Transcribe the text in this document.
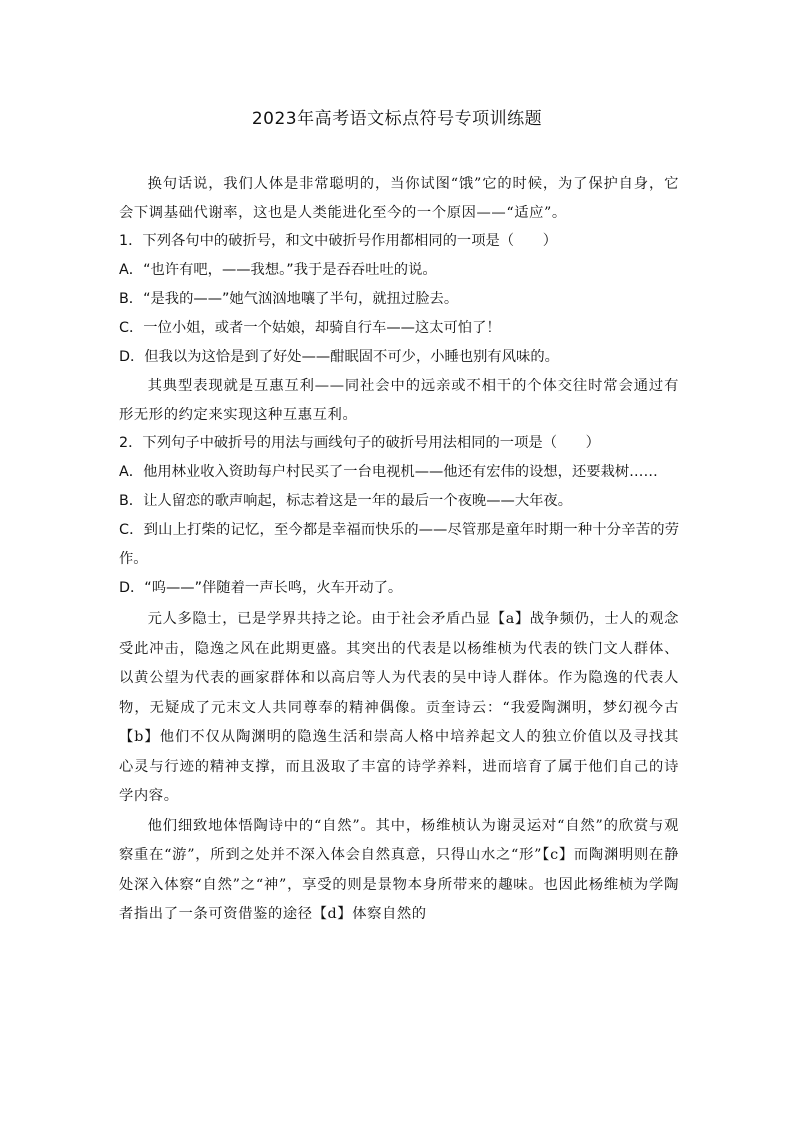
2023年高考语文标点符号专项训练题

换句话说，我们人体是非常聪明的，当你试图“饿”它的时候，为了保护自身，它会下调基础代谢率，这也是人类能进化至今的一个原因——“适应”。

1．下列各句中的破折号，和文中破折号作用都相同的一项是（　　）

A．“也许有吧，——我想。”我于是吞吞吐吐的说。

B．“是我的——”她气汹汹地嚷了半句，就扭过脸去。

C．一位小姐，或者一个姑娘，却骑自行车——这太可怕了！

D．但我以为这恰是到了好处——酣眠固不可少，小睡也别有风味的。

其典型表现就是互惠互利——同社会中的远亲或不相干的个体交往时常会通过有形无形的约定来实现这种互惠互利。

2．下列句子中破折号的用法与画线句子的破折号用法相同的一项是（　　）

A．他用林业收入资助每户村民买了一台电视机——他还有宏伟的设想，还要栽树……

B．让人留恋的歌声响起，标志着这是一年的最后一个夜晚——大年夜。

C．到山上打柴的记忆，至今都是幸福而快乐的——尽管那是童年时期一种十分辛苦的劳作。

D．“呜——”伴随着一声长鸣，火车开动了。

元人多隐士，已是学界共持之论。由于社会矛盾凸显【a】战争频仍，士人的观念受此冲击，隐逸之风在此期更盛。其突出的代表是以杨维桢为代表的铁门文人群体、以黄公望为代表的画家群体和以高启等人为代表的吴中诗人群体。作为隐逸的代表人物，无疑成了元末文人共同尊奉的精神偶像。贡奎诗云：“我爱陶渊明，梦幻视今古【b】他们不仅从陶渊明的隐逸生活和崇高人格中培养起文人的独立价值以及寻找其心灵与行迹的精神支撑，而且汲取了丰富的诗学养料，进而培育了属于他们自己的诗学内容。

他们细致地体悟陶诗中的“自然”。其中，杨维桢认为谢灵运对“自然”的欣赏与观察重在“游”，所到之处并不深入体会自然真意，只得山水之“形”【c】而陶渊明则在静处深入体察“自然”之“神”，享受的则是景物本身所带来的趣味。也因此杨维桢为学陶者指出了一条可资借鉴的途径【d】体察自然的
